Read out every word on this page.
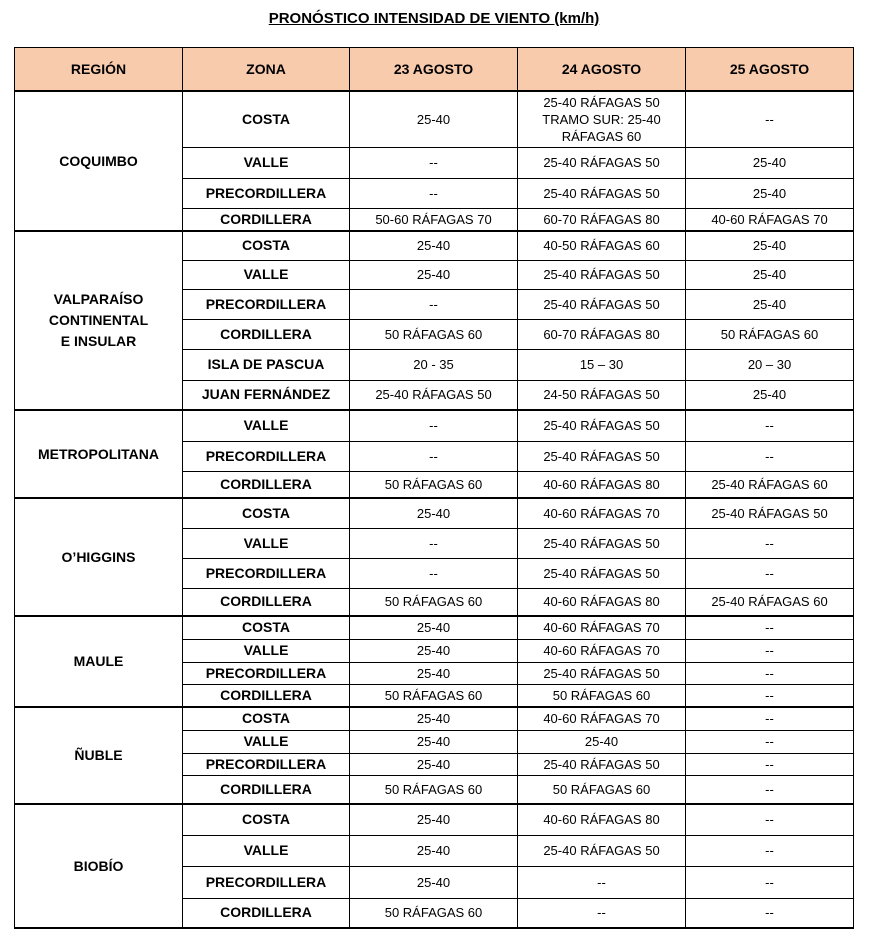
PRONÓSTICO INTENSIDAD DE VIENTO (km/h)
REGIÓN	ZONA	23 AGOSTO	24 AGOSTO	25 AGOSTO
COQUIMBO	COSTA	25-40	25-40 RÁFAGAS 50
TRAMO SUR: 25-40
RÁFAGAS 60	--
	VALLE	--	25-40 RÁFAGAS 50	25-40
	PRECORDILLERA	--	25-40 RÁFAGAS 50	25-40
	CORDILLERA	50-60 RÁFAGAS 70	60-70 RÁFAGAS 80	40-60 RÁFAGAS 70
VALPARAÍSO
CONTINENTAL
E INSULAR	COSTA	25-40	40-50 RÁFAGAS 60	25-40
	VALLE	25-40	25-40 RÁFAGAS 50	25-40
	PRECORDILLERA	--	25-40 RÁFAGAS 50	25-40
	CORDILLERA	50 RÁFAGAS 60	60-70 RÁFAGAS 80	50 RÁFAGAS 60
	ISLA DE PASCUA	20 - 35	15 – 30	20 – 30
	JUAN FERNÁNDEZ	25-40 RÁFAGAS 50	24-50 RÁFAGAS 50	25-40
METROPOLITANA	VALLE	--	25-40 RÁFAGAS 50	--
	PRECORDILLERA	--	25-40 RÁFAGAS 50	--
	CORDILLERA	50 RÁFAGAS 60	40-60 RÁFAGAS 80	25-40 RÁFAGAS 60
O’HIGGINS	COSTA	25-40	40-60 RÁFAGAS 70	25-40 RÁFAGAS 50
	VALLE	--	25-40 RÁFAGAS 50	--
	PRECORDILLERA	--	25-40 RÁFAGAS 50	--
	CORDILLERA	50 RÁFAGAS 60	40-60 RÁFAGAS 80	25-40 RÁFAGAS 60
MAULE	COSTA	25-40	40-60 RÁFAGAS 70	--
	VALLE	25-40	40-60 RÁFAGAS 70	--
	PRECORDILLERA	25-40	25-40 RÁFAGAS 50	--
	CORDILLERA	50 RÁFAGAS 60	50 RÁFAGAS 60	--
ÑUBLE	COSTA	25-40	40-60 RÁFAGAS 70	--
	VALLE	25-40	25-40	--
	PRECORDILLERA	25-40	25-40 RÁFAGAS 50	--
	CORDILLERA	50 RÁFAGAS 60	50 RÁFAGAS 60	--
BIOBÍO	COSTA	25-40	40-60 RÁFAGAS 80	--
	VALLE	25-40	25-40 RÁFAGAS 50	--
	PRECORDILLERA	25-40	--	--
	CORDILLERA	50 RÁFAGAS 60	--	--
